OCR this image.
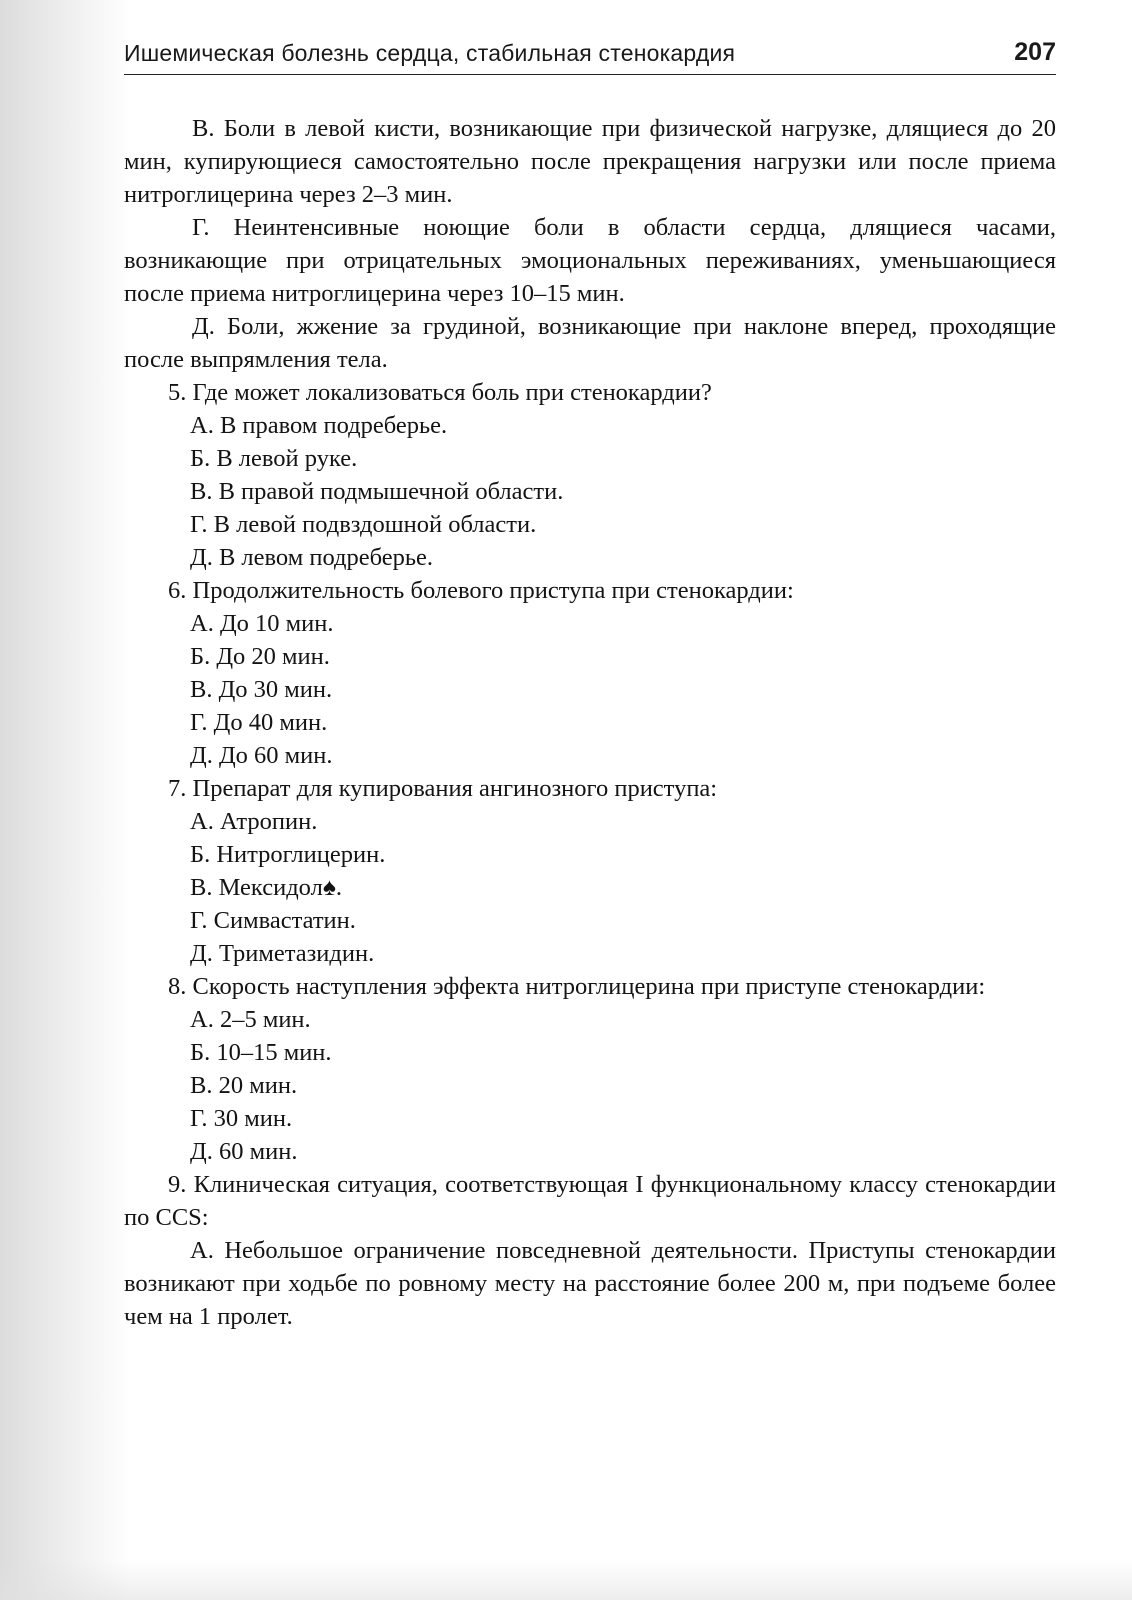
Ишемическая болезнь сердца, стабильная стенокардия	207

В. Боли в левой кисти, возникающие при физической нагрузке, длящиеся до 20 мин, купирующиеся самостоятельно после прекращения нагрузки или после приема нитроглицерина через 2–3 мин.

Г. Неинтенсивные ноющие боли в области сердца, длящиеся часами, возникающие при отрицательных эмоциональных переживаниях, уменьшающиеся после приема нитроглицерина через 10–15 мин.

Д. Боли, жжение за грудиной, возникающие при наклоне вперед, проходящие после выпрямления тела.

5. Где может локализоваться боль при стенокардии?

А. В правом подреберье.

Б. В левой руке.

В. В правой подмышечной области.

Г. В левой подвздошной области.

Д. В левом подреберье.

6. Продолжительность болевого приступа при стенокардии:

А. До 10 мин.

Б. До 20 мин.

В. До 30 мин.

Г. До 40 мин.

Д. До 60 мин.

7. Препарат для купирования ангинозного приступа:

А. Атропин.

Б. Нитроглицерин.

В. Мексидол♠.

Г. Симвастатин.

Д. Триметазидин.

8. Скорость наступления эффекта нитроглицерина при приступе стенокардии:

А. 2–5 мин.

Б. 10–15 мин.

В. 20 мин.

Г. 30 мин.

Д. 60 мин.

9. Клиническая ситуация, соответствующая I функциональному классу стенокардии по CCS:

А. Небольшое ограничение повседневной деятельности. Приступы стенокардии возникают при ходьбе по ровному месту на расстояние более 200 м, при подъеме более чем на 1 пролет.
